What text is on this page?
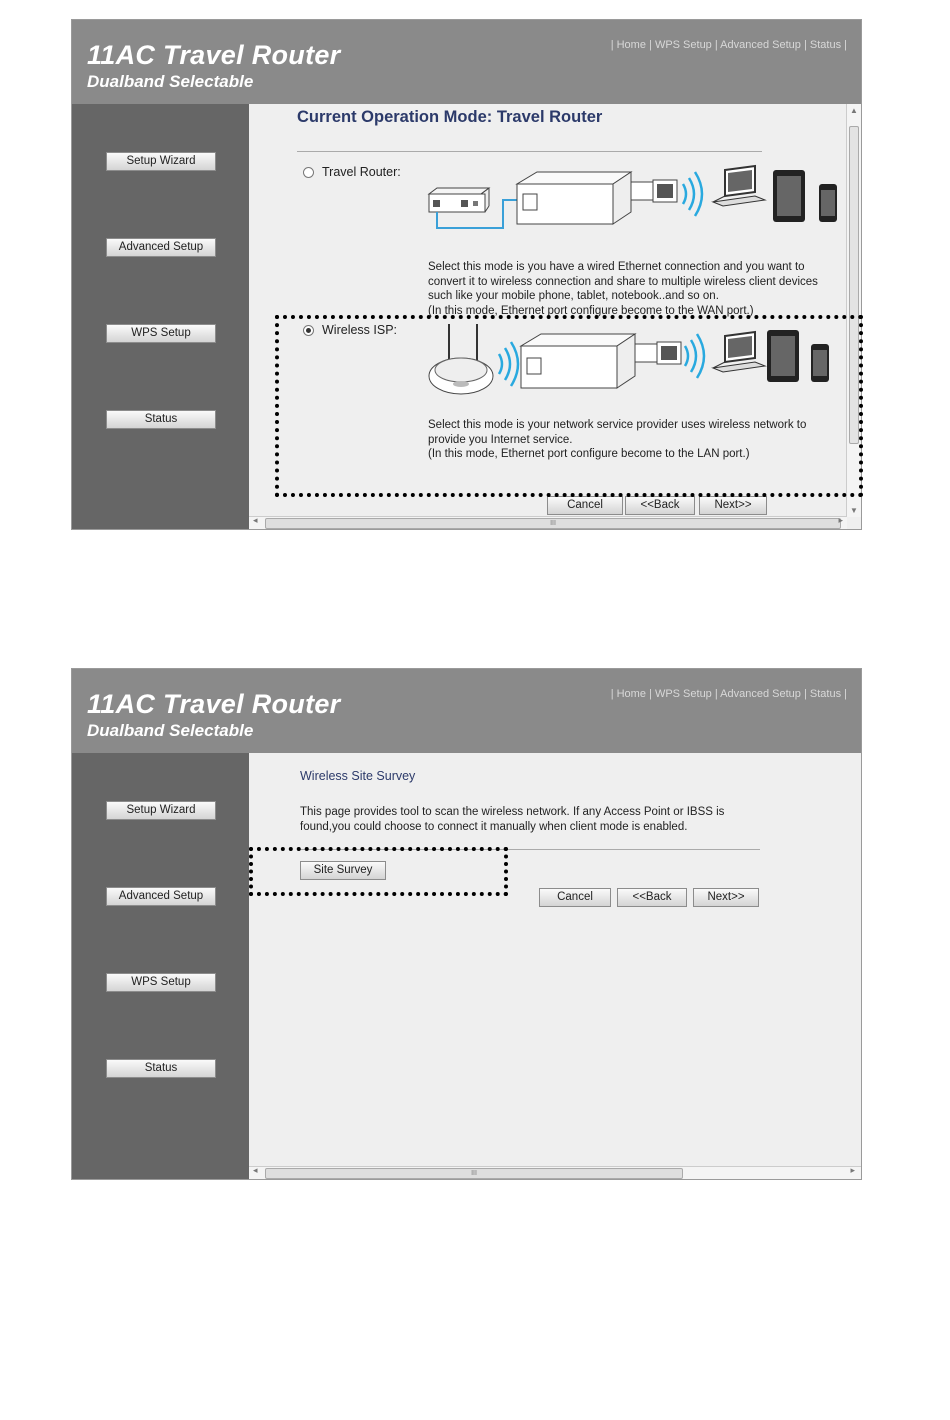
11AC Travel Router
Dualband Selectable
| Home | WPS Setup | Advanced Setup | Status |
Setup Wizard
Advanced Setup
WPS Setup
Status
Current Operation Mode: Travel Router
Travel Router:
Select this mode is you have a wired Ethernet connection and you want to
convert it to wireless connection and share to multiple wireless client devices
such like your mobile phone, tablet, notebook..and so on.
(In this mode, Ethernet port configure become to the WAN port.)
Wireless ISP:
Select this mode is your network service provider uses wireless network to
provide you Internet service.
(In this mode, Ethernet port configure become to the LAN port.)
Cancel	<<Back	Next>>
▲
▼
◂	III	▸
11AC Travel Router
Dualband Selectable
| Home | WPS Setup | Advanced Setup | Status |
Setup Wizard
Advanced Setup
WPS Setup
Status
Wireless Site Survey
This page provides tool to scan the wireless network. If any Access Point or IBSS is
found,you could choose to connect it manually when client mode is enabled.
Site Survey
Cancel	<<Back	Next>>
◂	III	▸
